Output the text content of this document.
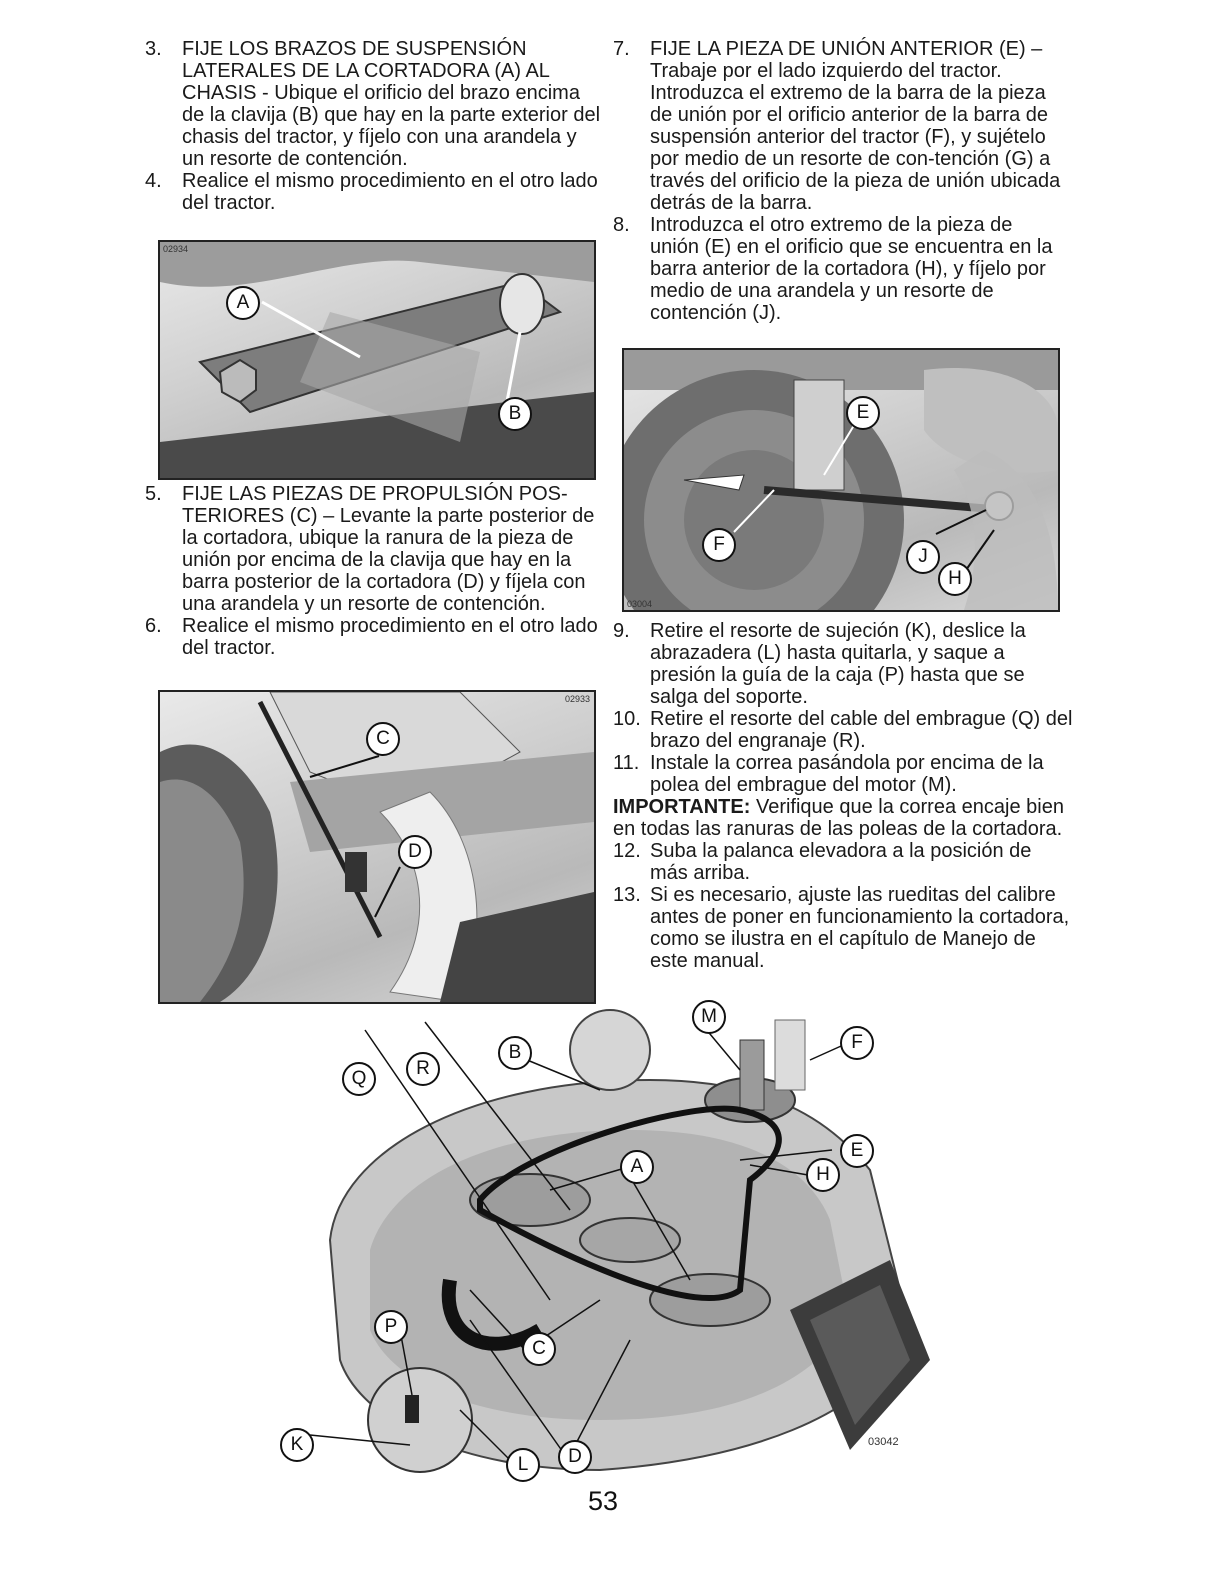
3. FIJE LOS BRAZOS DE SUSPENSIÓN LATERALES DE LA CORTADORA (A) AL CHASIS - Ubique el orificio del brazo encima de la clavija (B) que hay en la parte exterior del chasis del tractor, y fíjelo con una arandela y un resorte de contención.
4. Realice el mismo procedimiento en el otro lado del tractor.
02934
A
B
5. FIJE LAS PIEZAS DE PROPULSIÓN POS-TERIORES (C) – Levante la parte posterior de la cortadora, ubique la ranura de la pieza de unión por encima de la clavija que hay en la barra posterior de la cortadora (D) y fíjela con una arandela y un resorte de contención.
6. Realice el mismo procedimiento en el otro lado del tractor.
02933
C
D
7. FIJE LA PIEZA DE UNIÓN ANTERIOR (E) – Trabaje por el lado izquierdo del tractor. Introduzca el extremo de la barra de la pieza de unión por el orificio anterior de la barra de suspensión anterior del tractor (F), y sujételo por medio de un resorte de con-tención (G) a través del orificio de la pieza de unión ubicada detrás de la barra.
8. Introduzca el otro extremo de la pieza de unión (E) en el orificio que se encuentra en la barra anterior de la cortadora (H), y fíjelo por medio de una arandela y un resorte de contención (J).
03004
E
F
J
H
9. Retire el resorte de sujeción (K), deslice la abrazadera (L) hasta quitarla, y saque a presión la guía de la caja (P) hasta que se salga del soporte.
10. Retire el resorte del cable del embrague (Q) del brazo del engranaje (R).
11. Instale la correa pasándola por encima de la polea del embrague del motor (M).

IMPORTANTE: Verifique que la correa encaje bien en todas las ranuras de las poleas de la cortadora.

12. Suba la palanca elevadora a la posición de más arriba.
13. Si es necesario, ajuste las rueditas del calibre antes de poner en funcionamiento la cortadora, como se ilustra en el capítulo de Manejo de este manual.
03042
M
B	F
Q	R
E
A	H
P
C
K
L	D
53
